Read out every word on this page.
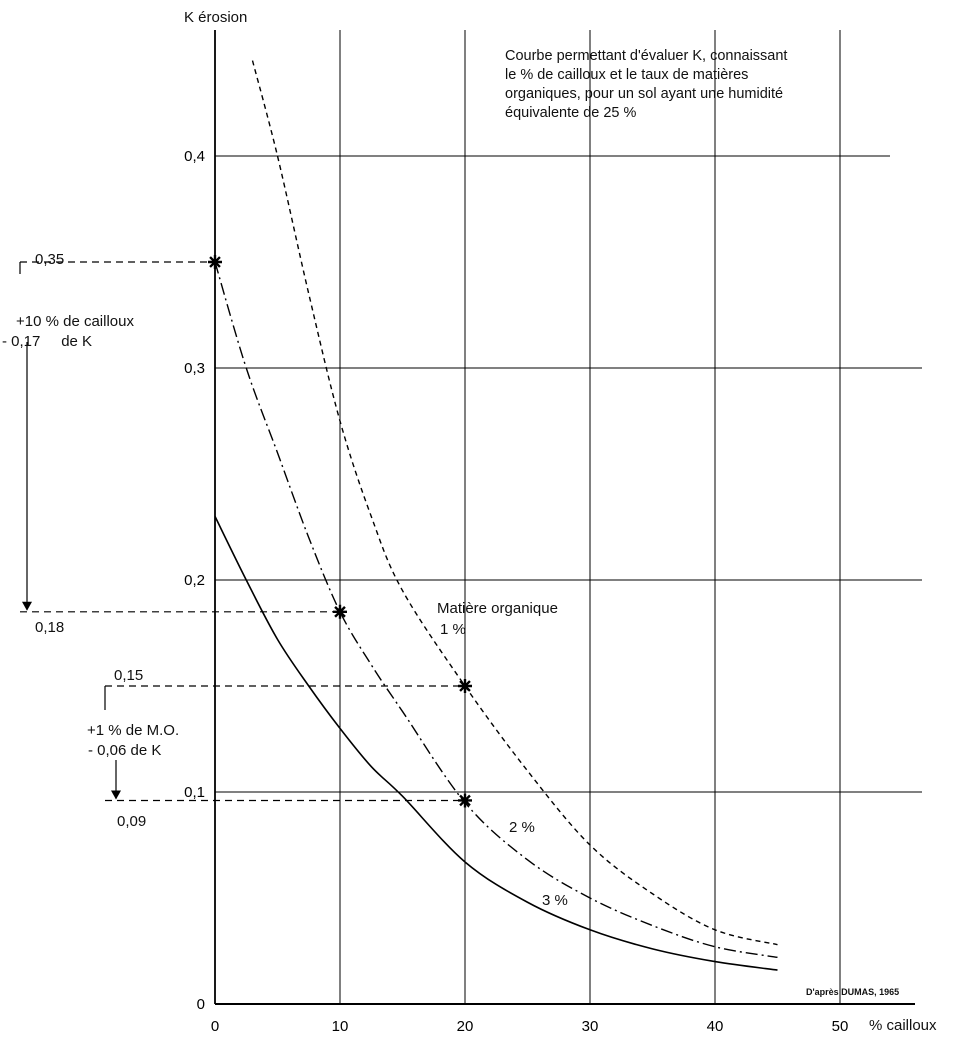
0	10	20	30	40	50
0
0,1
0,2
0,3
0,4
K érosion
% cailloux
Courbe permettant d'évaluer K, connaissant
le % de cailloux et le taux de matières
organiques, pour un sol ayant une humidité
équivalente de 25 %
Matière organique
1 %
2 %
3 %
0,35
+10 % de cailloux
- 0,17     de K
0,18
0,15
+1 % de M.O.
- 0,06 de K
0,09
D'après DUMAS, 1965
